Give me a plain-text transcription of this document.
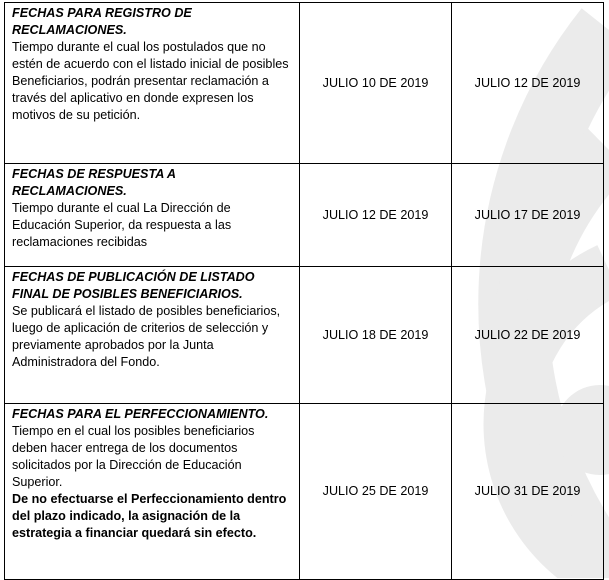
FECHAS PARA REGISTRO DE RECLAMACIONES.
Tiempo durante el cual los postulados que no estén de acuerdo con el listado inicial de posibles Beneficiarios, podrán presentar reclamación a través del aplicativo en donde expresen los motivos de su petición.	JULIO 10 DE 2019	JULIO 12 DE 2019

FECHAS DE RESPUESTA A RECLAMACIONES.
Tiempo durante el cual La Dirección de Educación Superior, da respuesta a las reclamaciones recibidas	JULIO 12 DE 2019	JULIO 17 DE 2019

FECHAS DE PUBLICACIÓN DE LISTADO FINAL DE POSIBLES BENEFICIARIOS.
Se publicará el listado de posibles beneficiarios, luego de aplicación de criterios de selección y previamente aprobados por la Junta Administradora del Fondo.	JULIO 18 DE 2019	JULIO 22 DE 2019

FECHAS PARA EL PERFECCIONAMIENTO.
Tiempo en el cual los posibles beneficiarios deben hacer entrega de los documentos solicitados por la Dirección de Educación Superior.
De no efectuarse el Perfeccionamiento dentro del plazo indicado, la asignación de la estrategia a financiar quedará sin efecto.	JULIO 25 DE 2019	JULIO 31 DE 2019
